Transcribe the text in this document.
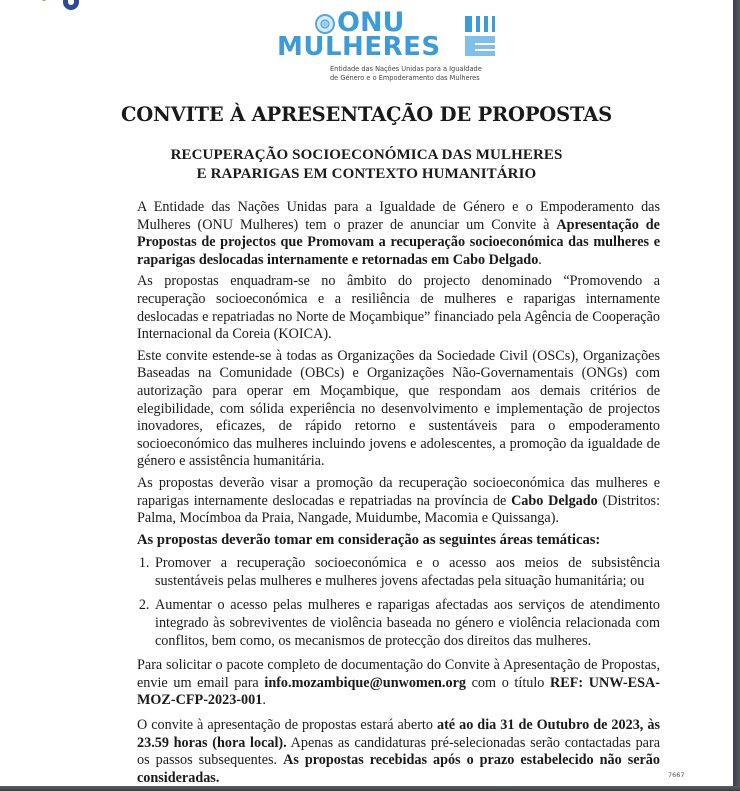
ONU
MULHERES
Entidade das Nações Unidas para a Igualdade
de Género e o Empoderamento das Mulheres
CONVITE À APRESENTAÇÃO DE PROPOSTAS
RECUPERAÇÃO SOCIOECONÓMICA DAS MULHERES
E RAPARIGAS EM CONTEXTO HUMANITÁRIO

A Entidade das Nações Unidas para a Igualdade de Género e o Empoderamento das Mulheres (ONU Mulheres) tem o prazer de anunciar um Convite à Apresentação de Propostas de projectos que Promovam a recuperação socioeconómica das mulheres e raparigas deslocadas internamente e retornadas em Cabo Delgado.

As propostas enquadram-se no âmbito do projecto denominado “Promovendo a recuperação socioeconómica e a resiliência de mulheres e raparigas internamente deslocadas e repatriadas no Norte de Moçambique” financiado pela Agência de Cooperação Internacional da Coreia (KOICA).

Este convite estende-se à todas as Organizações da Sociedade Civil (OSCs), Organizações Baseadas na Comunidade (OBCs) e Organizações Não-Governamentais (ONGs) com autorização para operar em Moçambique, que respondam aos demais critérios de elegibilidade, com sólida experiência no desenvolvimento e implementação de projectos inovadores, eficazes, de rápido retorno e sustentáveis para o empoderamento socioeconómico das mulheres incluindo jovens e adolescentes, a promoção da igualdade de género e assistência humanitária.

As propostas deverão visar a promoção da recuperação socioeconómica das mulheres e raparigas internamente deslocadas e repatriadas na província de Cabo Delgado (Distritos: Palma, Mocímboa da Praia, Nangade, Muidumbe, Macomia e Quissanga).

As propostas deverão tomar em consideração as seguintes áreas temáticas:

1. Promover a recuperação socioeconómica e o acesso aos meios de subsistência sustentáveis pelas mulheres e mulheres jovens afectadas pela situação humanitária; ou
2. Aumentar o acesso pelas mulheres e raparigas afectadas aos serviços de atendimento integrado às sobreviventes de violência baseada no género e violência relacionada com conflitos, bem como, os mecanismos de protecção dos direitos das mulheres.

Para solicitar o pacote completo de documentação do Convite à Apresentação de Propostas, envie um email para info.mozambique@unwomen.org com o título REF: UNW-ESA-MOZ-CFP-2023-001.

O convite à apresentação de propostas estará aberto até ao dia 31 de Outubro de 2023, às 23.59 horas (hora local). Apenas as candidaturas pré-selecionadas serão contactadas para os passos subsequentes. As propostas recebidas após o prazo estabelecido não serão consideradas.	7667
